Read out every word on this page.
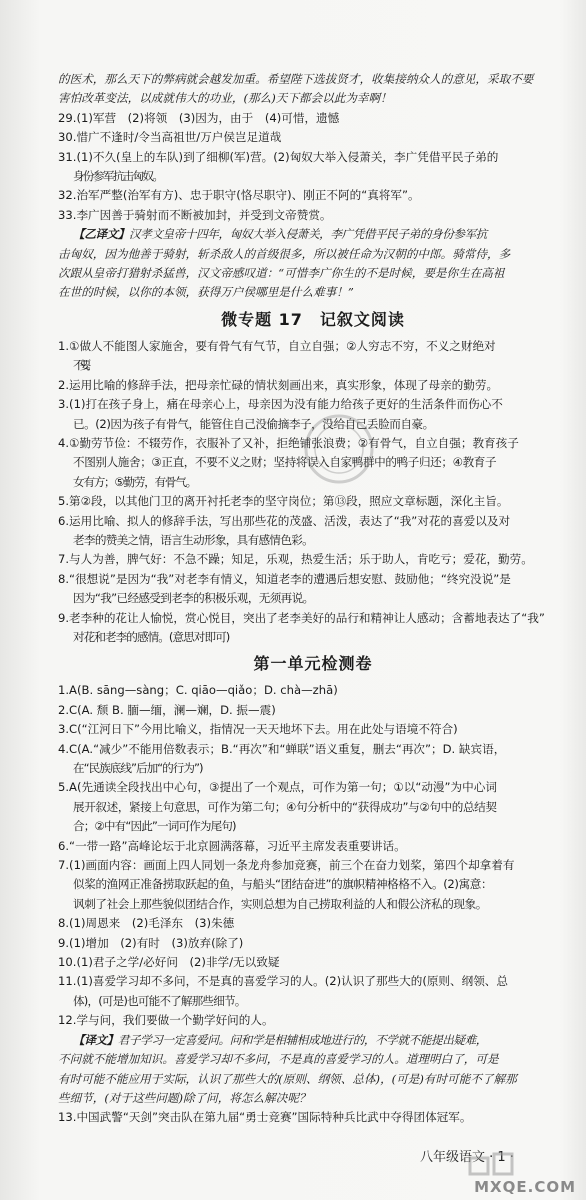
的医术，那么天下的弊病就会越发加重。希望陛下选拔贤才，收集接纳众人的意见，采取不要

害怕改革变法，以成就伟大的功业，(那么)天下都会以此为幸啊！

29.(1)军营　(2)将领　(3)因为，由于　(4)可惜，遗憾

30.惜广不逢时/令当高祖世/万户侯岂足道哉

31.(1)不久(皇上的车队)到了细柳(军)营。(2)匈奴大举入侵萧关，李广凭借平民子弟的

身份参军抗击匈奴。

32.治军严整(治军有方)、忠于职守(恪尽职守)、刚正不阿的“真将军”。

33.李广因善于骑射而不断被加封，并受到文帝赞赏。

【乙译文】汉孝文皇帝十四年，匈奴大举入侵萧关，李广凭借平民子弟的身份参军抗

击匈奴，因为他善于骑射，斩杀敌人的首级很多，所以被任命为汉朝的中郎。骑常侍，多

次跟从皇帝打猎射杀猛兽，汉文帝感叹道：“可惜李广你生的不是时候，要是你生在高祖

在世的时候，以你的本领，获得万户侯哪里是什么难事！”

微专题 17　记叙文阅读

1.①做人不能图人家施舍，要有骨气有气节，自立自强；②人穷志不穷，不义之财绝对

不要。

2.运用比喻的修辞手法，把母亲忙碌的情状刻画出来，真实形象，体现了母亲的勤劳。

3.(1)打在孩子身上，痛在母亲心上，母亲因为没有能力给孩子更好的生活条件而伤心不

已。(2)因为孩子有骨气，能管住自己没偷摘李子，没给自己丢脸而自豪。

4.①勤劳节俭：不辍劳作，衣服补了又补，拒绝铺张浪费；②有骨气，自立自强；教育孩子

不图别人施舍；③正直，不要不义之财；坚持将误入自家鸭群中的鸭子归还；④教育子

女有方；⑤勤劳，有骨气。

5.第②段，以其他门卫的离开衬托老李的坚守岗位；第⑬段，照应文章标题，深化主旨。

6.运用比喻、拟人的修辞手法，写出那些花的茂盛、活泼，表达了“我”对花的喜爱以及对

老李的赞美之情，语言生动形象，具有感情色彩。

7.与人为善，脾气好：不急不躁；知足，乐观，热爱生活；乐于助人，肯吃亏；爱花，勤劳。

8.“很想说”是因为“我”对老李有情义，知道老李的遭遇后想安慰、鼓励他；“终究没说”是

因为“我”已经感受到老李的积极乐观，无须再说。

9.老李种的花让人愉悦，赏心悦目，突出了老李美好的品行和精神让人感动；含蓄地表达了“我”

对花和老李的感情。(意思对即可)

第一单元检测卷

1.A(B. sāng—sàng；C. qiāo—qiǎo；D. chà—zhā)

2.C(A. 颓 B. 腼—缅，澜—斓，D. 振—震)

3.C(“江河日下”今用比喻义，指情况一天天地坏下去。用在此处与语境不符合)

4.C(A.“减少”不能用倍数表示；B.“再次”和“蝉联”语义重复，删去“再次”；D. 缺宾语，

在“民族底线”后加“的行为”)

5.A(先通读全段找出中心句，③提出了一个观点，可作为第一句；①以“动漫”为中心词

展开叙述，紧接上句意思，可作为第二句；④句分析中的“获得成功”与②句中的总结契

合；②中有“因此”一词可作为尾句)

6.“一带一路”高峰论坛于北京圆满落幕，习近平主席发表重要讲话。

7.(1)画面内容：画面上四人同划一条龙舟参加竞赛，前三个在奋力划桨，第四个却拿着有

似桨的渔网正准备捞取跃起的鱼，与船头“团结奋进”的旗帜精神格格不入。(2)寓意：

讽刺了社会上那些貌似团结合作，实则总想为自己捞取利益的人和假公济私的现象。

8.(1)周恩来　(2)毛泽东　(3)朱德

9.(1)增加　(2)有时　(3)放弃(除了)

10.(1)君子之学/必好问　(2)非学/无以致疑

11.(1)喜爱学习却不多问，不是真的喜爱学习的人。(2)认识了那些大的(原则、纲领、总

体)，(可是)也可能不了解那些细节。

12.学与问，我们要做一个勤学好问的人。

【译文】君子学习一定喜爱问。问和学是相辅相成地进行的，不学就不能提出疑难，

不问就不能增加知识。喜爱学习却不多问，不是真的喜爱学习的人。道理明白了，可是

有时可能不能应用于实际，认识了那些大的(原则、纲领、总体)，(可是)有时可能不了解那

些细节，(对于这些问题)除了问，将怎么解决呢？

13.中国武警“天剑”突击队在第九届“勇士竞赛”国际特种兵比武中夺得团体冠军。

八年级语文 · 1 ·
MXQE.COM
